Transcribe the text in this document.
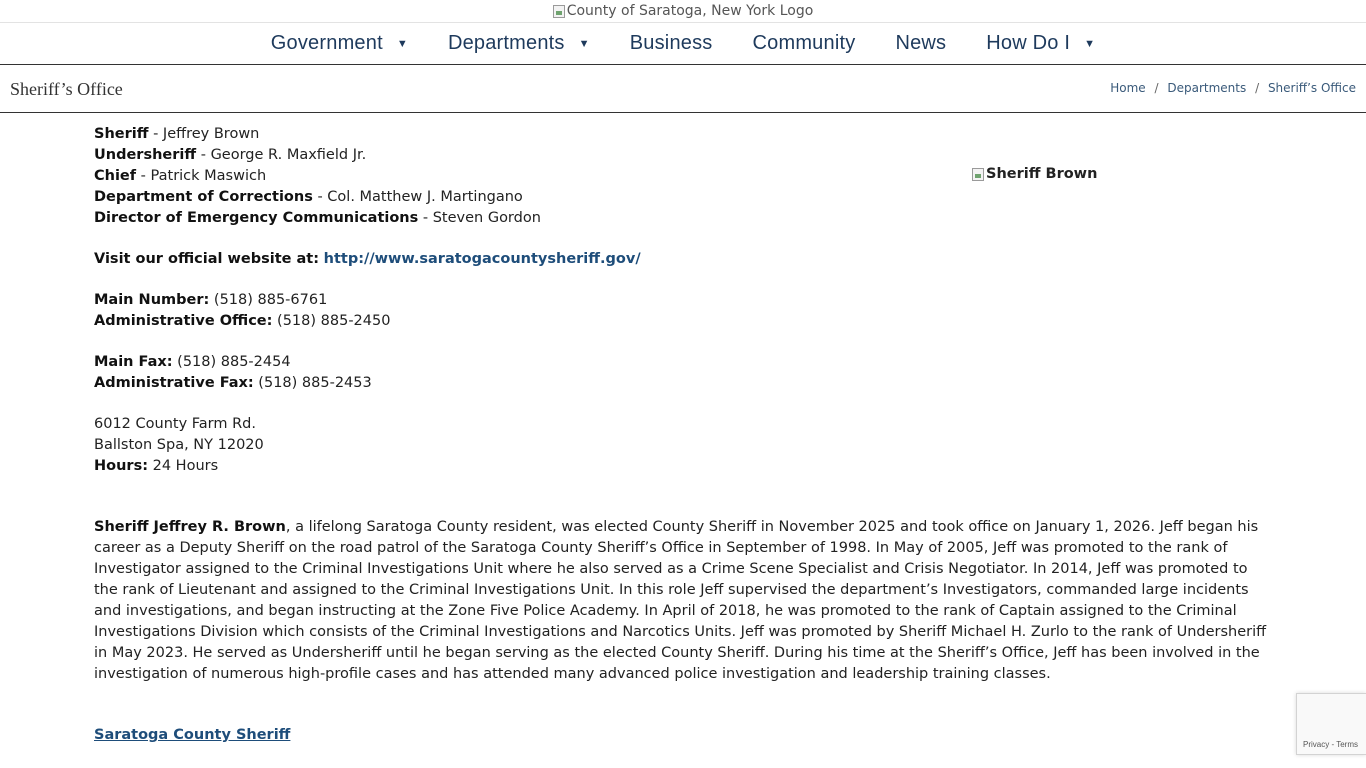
County of Saratoga, New York Logo
Government ▼ Departments ▼ Business Community News How Do I ▼
Sheriff’s Office	Home / Departments / Sheriff’s Office
Sheriff Brown
Sheriff - Jeffrey Brown
Undersheriff - George R. Maxfield Jr.
Chief - Patrick Maswich
Department of Corrections - Col. Matthew J. Martingano
Director of Emergency Communications - Steven Gordon
Visit our official website at: http://www.saratogacountysheriff.gov/
Main Number: (518) 885-6761
Administrative Office: (518) 885-2450
Main Fax: (518) 885-2454
Administrative Fax: (518) 885-2453
6012 County Farm Rd.
Ballston Spa, NY 12020
Hours: 24 Hours
Sheriff Jeffrey R. Brown, a lifelong Saratoga County resident, was elected County Sheriff in November 2025 and took office on January 1, 2026. Jeff began his career as a Deputy Sheriff on the road patrol of the Saratoga County Sheriff’s Office in September of 1998. In May of 2005, Jeff was promoted to the rank of Investigator assigned to the Criminal Investigations Unit where he also served as a Crime Scene Specialist and Crisis Negotiator. In 2014, Jeff was promoted to the rank of Lieutenant and assigned to the Criminal Investigations Unit. In this role Jeff supervised the department’s Investigators, commanded large incidents and investigations, and began instructing at the Zone Five Police Academy. In April of 2018, he was promoted to the rank of Captain assigned to the Criminal Investigations Division which consists of the Criminal Investigations and Narcotics Units. Jeff was promoted by Sheriff Michael H. Zurlo to the rank of Undersheriff in May 2023. He served as Undersheriff until he began serving as the elected County Sheriff. During his time at the Sheriff’s Office, Jeff has been involved in the investigation of numerous high-profile cases and has attended many advanced police investigation and leadership training classes.
Saratoga County Sheriff
Privacy - Terms
